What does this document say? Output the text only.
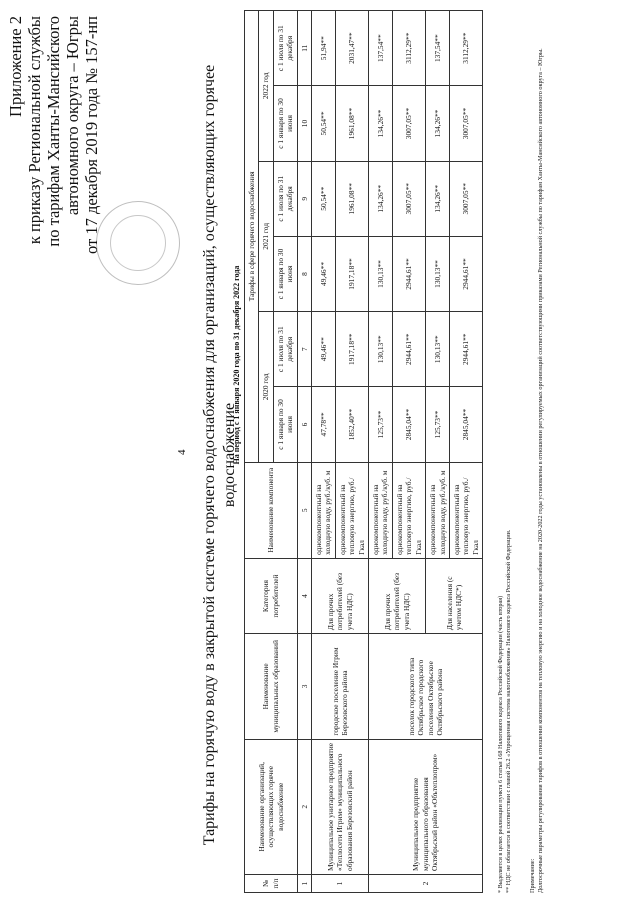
4
Приложение 2 к приказу Региональной службы по тарифам Ханты-Мансийского автономного округа – Югры от 17 декабря 2019 года № 157-нп	Тарифы на горячую воду в закрытой системе горячего водоснабжения для организаций, осуществляющих горячее водоснабжение
На период с 1 января 2020 года по 31 декабря 2022 года
№ п/п	Наименование организаций, осуществляющих горячее водоснабжение	Наименование муниципальных образований	Категория потребителей	Наименование компонента	Тарифы в сфере горячего водоснабжения					
					2020 год		2021 год		2022 год	
					с 1 января по 30 июня	с 1 июля по 31 декабря	с 1 января по 30 июня	с 1 июля по 31 декабря	с 1 января по 30 июня	с 1 июля по 31 декабря
1	2	3	4	5	6	7	8	9	10	11
1	Муниципальное унитарное предприятие «Теплосети Игрим» муниципального образования Березовский район	городское поселение Игрим Березовского района	Для прочих потребителей (без учета НДС)	однокомпонентный на холодную воду, руб./куб. м	47,78**	49,46**	49,46**	50,54**	50,54**	51,94**
				однокомпонентный на тепловую энергию, руб./Гкал	1852,40**	1917,18**	1917,18**	1961,08**	1961,08**	2031,47**
2	Муниципальное предприятие муниципального образования Октябрьский район «Обътеплопром»	поселок городского типа Октябрьское городского поселения Октябрьское Октябрьского района	Для прочих потребителей (без учета НДС)	однокомпонентный на холодную воду, руб./куб. м	125,73**	130,13**	130,13**	134,26**	134,26**	137,54**
				однокомпонентный на тепловую энергию, руб./Гкал	2845,04**	2944,61**	2944,61**	3007,05**	3007,05**	3112,29**
			Для населения (с учетом НДС*)	однокомпонентный на холодную воду, руб./куб. м	125,73**	130,13**	130,13**	134,26**	134,26**	137,54**
				однокомпонентный на тепловую энергию, руб./Гкал	2845,04**	2944,61**	2944,61**	3007,05**	3007,05**	3112,29**

* Выделяется в целях реализации пункта 6 статьи 168 Налогового кодекса Российской Федерации (часть вторая) ** НДС не облагается в соответствии с главой 26.2 «Упрощенная система налогообложения» Налогового кодекса Российской Федерации.	Примечание: Долгосрочные параметры регулирования тарифов в отношении компонентов на тепловую энергию и на холодное водоснабжение на 2020-2022 годы установлены в отношении регулируемых организаций соответствующими приказами Региональной службы по тарифам Ханты-Мансийского автономного округа – Югры.
